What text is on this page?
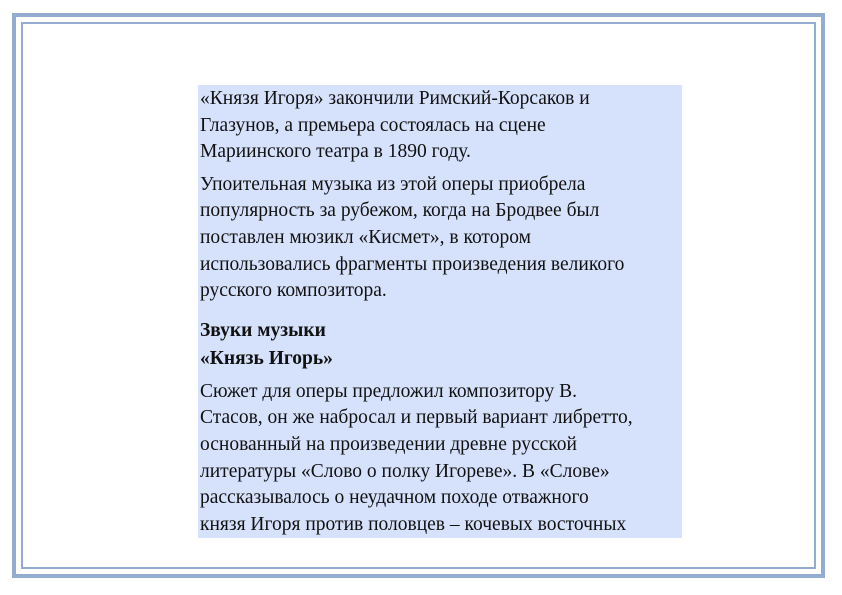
«Князя Игоря» закончили Римский-Корсаков и
Глазунов, а премьера состоялась на сцене
Мариинского театра в 1890 году.

Упоительная музыка из этой оперы приобрела
популярность за рубежом, когда на Бродвее был
поставлен мюзикл «Кисмет», в котором
использовались фрагменты произведения великого
русского композитора.

Звуки музыки
«Князь Игорь»

Сюжет для оперы предложил композитору В.
Стасов, он же набросал и первый вариант либретто,
основанный на произведении древне русской
литературы «Слово о полку Игореве». В «Слове»
рассказывалось о неудачном походе отважного
князя Игоря против половцев – кочевых восточных
